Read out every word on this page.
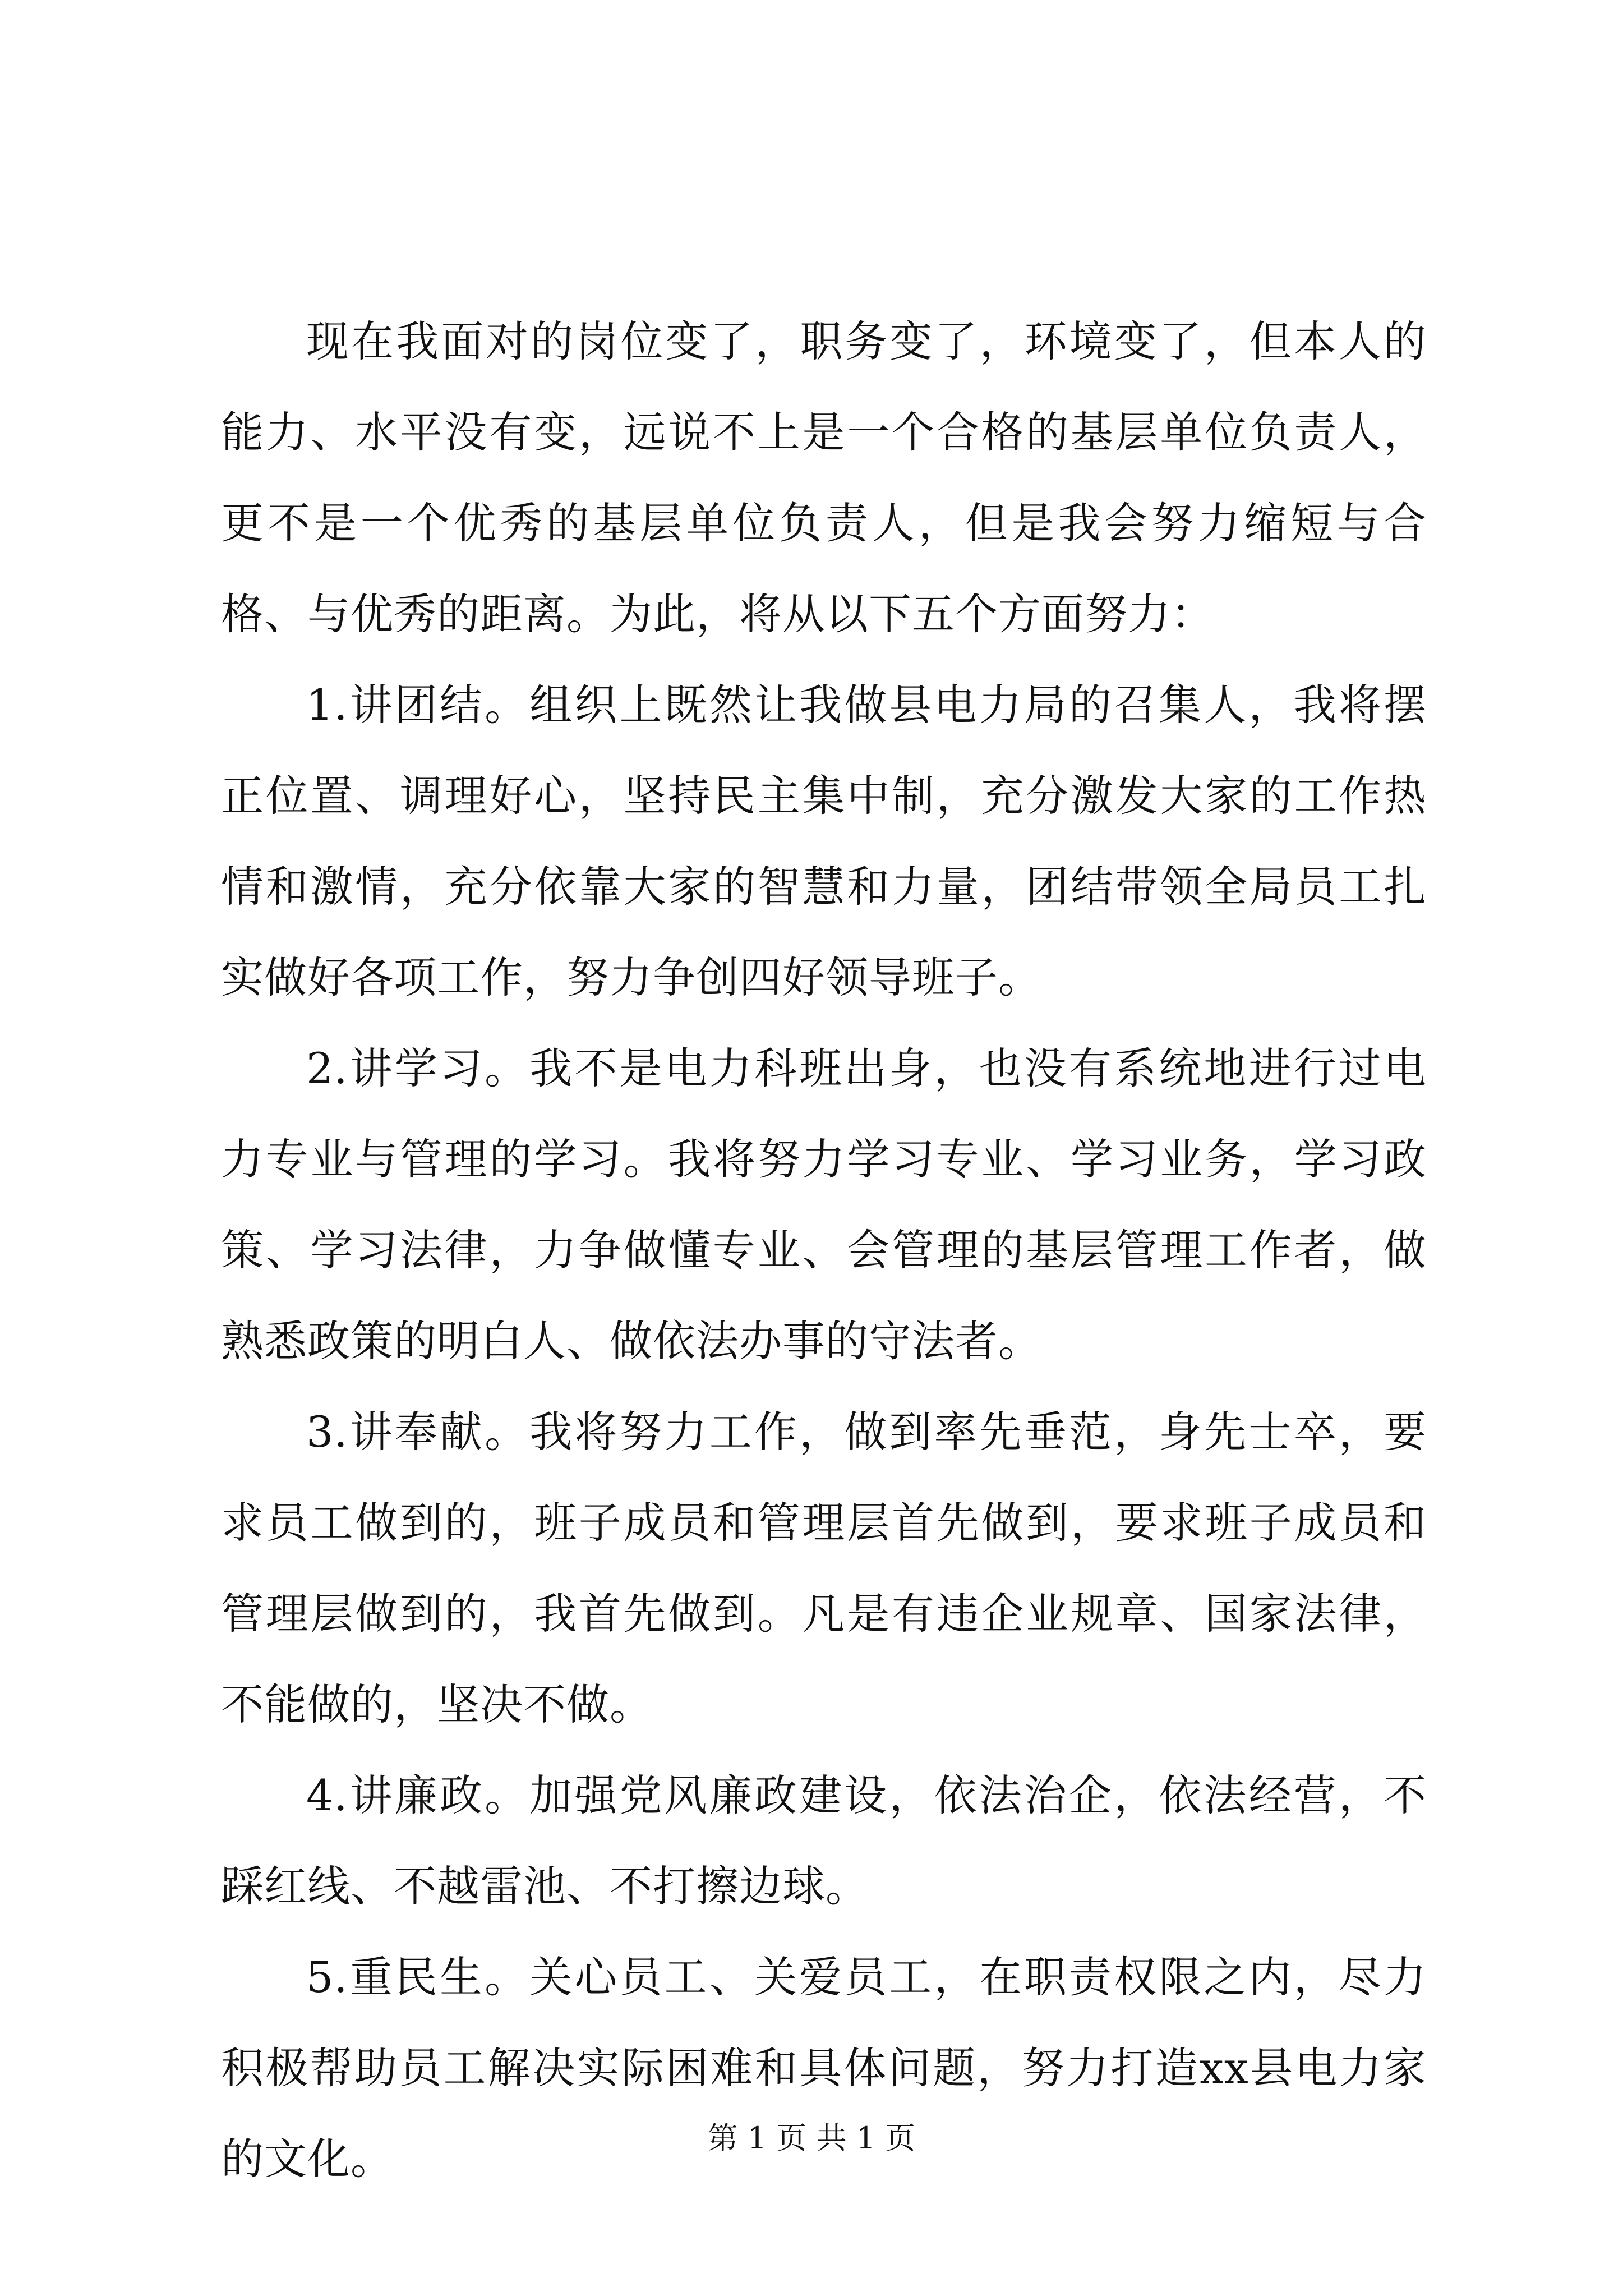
现在我面对的岗位变了，职务变了，环境变了，但本人的能力、水平没有变，远说不上是一个合格的基层单位负责人，更不是一个优秀的基层单位负责人，但是我会努力缩短与合格、与优秀的距离。为此，将从以下五个方面努力：

1.讲团结。组织上既然让我做县电力局的召集人，我将摆正位置、调理好心，坚持民主集中制，充分激发大家的工作热情和激情，充分依靠大家的智慧和力量，团结带领全局员工扎实做好各项工作，努力争创四好领导班子。

2.讲学习。我不是电力科班出身，也没有系统地进行过电力专业与管理的学习。我将努力学习专业、学习业务，学习政策、学习法律，力争做懂专业、会管理的基层管理工作者，做熟悉政策的明白人、做依法办事的守法者。

3.讲奉献。我将努力工作，做到率先垂范，身先士卒，要求员工做到的，班子成员和管理层首先做到，要求班子成员和管理层做到的，我首先做到。凡是有违企业规章、国家法律，不能做的，坚决不做。

4.讲廉政。加强党风廉政建设，依法治企，依法经营，不踩红线、不越雷池、不打擦边球。

5.重民生。关心员工、关爱员工，在职责权限之内，尽力积极帮助员工解决实际困难和具体问题，努力打造xx县电力家的文化。	第 1 页 共 1 页
